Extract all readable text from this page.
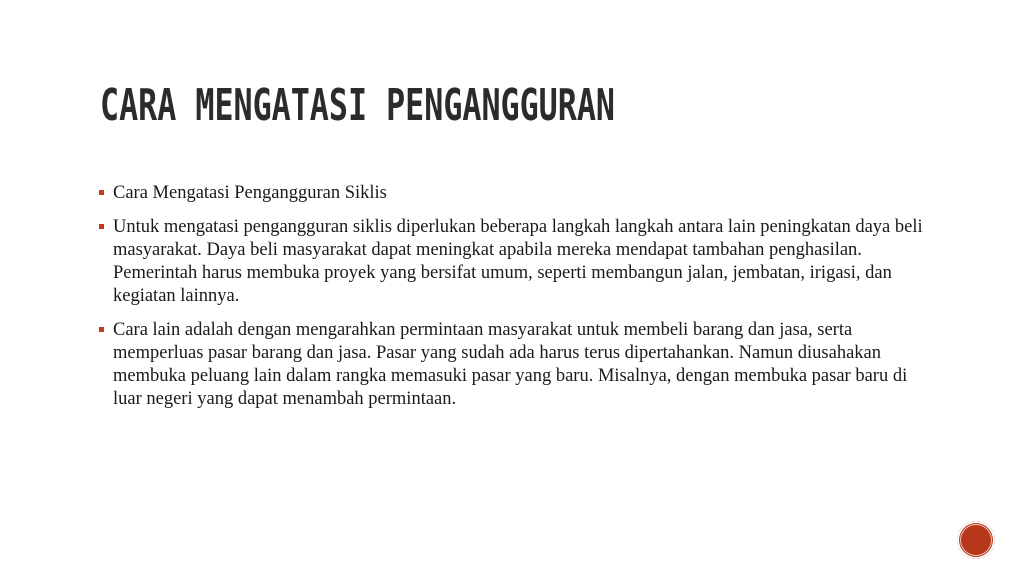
CARA MENGATASI PENGANGGURAN
Cara Mengatasi Pengangguran Siklis
Untuk mengatasi pengangguran siklis diperlukan beberapa langkah langkah antara lain peningkatan daya beli masyarakat. Daya beli masyarakat dapat meningkat apabila mereka mendapat tambahan penghasilan. Pemerintah harus membuka proyek yang bersifat umum, seperti membangun jalan, jembatan, irigasi, dan kegiatan lainnya.
Cara lain adalah dengan mengarahkan permintaan masyarakat untuk membeli barang dan jasa, serta memperluas pasar barang dan jasa. Pasar yang sudah ada harus terus dipertahankan. Namun diusahakan membuka peluang lain dalam rangka memasuki pasar yang baru. Misalnya, dengan membuka pasar baru di luar negeri yang dapat menambah permintaan.
